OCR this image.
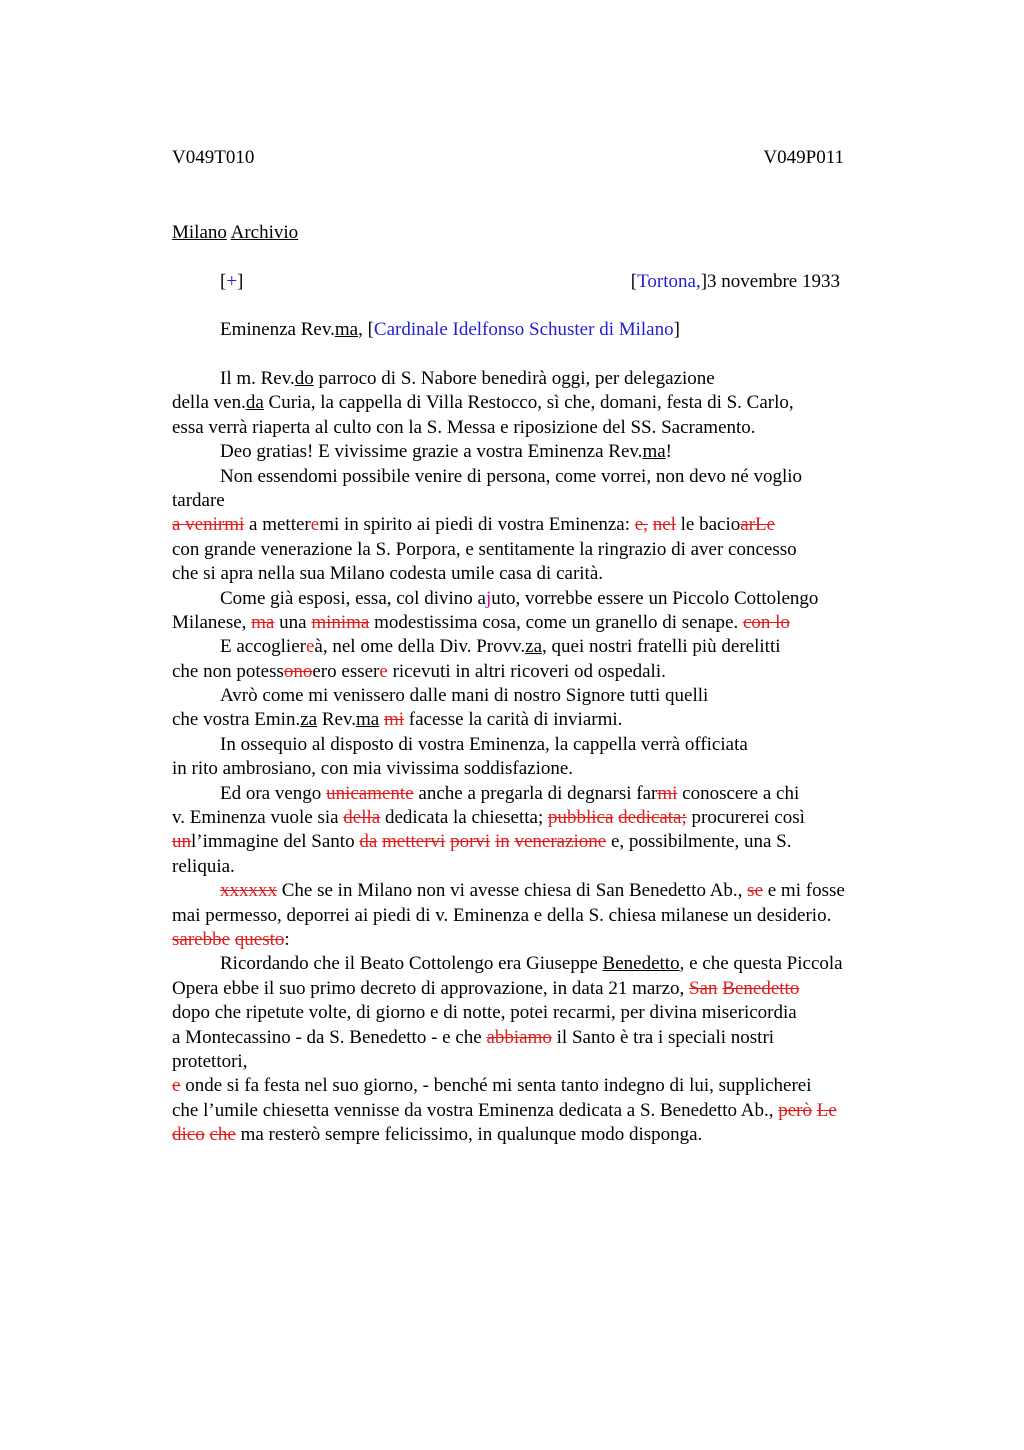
V049T010	V049P011
Milano Archivio
[+]	[Tortona,]3 novembre 1933
Eminenza Rev.ma, [Cardinale Idelfonso Schuster di Milano]
Il m. Rev.do parroco di S. Nabore benedirà oggi, per delegazione
della ven.da Curia, la cappella di Villa Restocco, sì che, domani, festa di S. Carlo,
essa verrà riaperta al culto con la S. Messa e riposizione del SS. Sacramento.
Deo gratias! E vivissime grazie a vostra Eminenza Rev.ma!
Non essendomi possibile venire di persona, come vorrei, non devo né voglio
tardare
a venirmi a metteremi in spirito ai piedi di vostra Eminenza: e, nel le bacioarLe
con grande venerazione la S. Porpora, e sentitamente la ringrazio di aver concesso
che si apra nella sua Milano codesta umile casa di carità.
Come già esposi, essa, col divino ajuto, vorrebbe essere un Piccolo Cottolengo
Milanese, ma una minima modestissima cosa, come un granello di senape. con lo
E accogliereà, nel ome della Div. Provv.za, quei nostri fratelli più derelitti
che non potessonoero essere ricevuti in altri ricoveri od ospedali.
Avrò come mi venissero dalle mani di nostro Signore tutti quelli
che vostra Emin.za Rev.ma mi facesse la carità di inviarmi.
In ossequio al disposto di vostra Eminenza, la cappella verrà officiata
in rito ambrosiano, con mia vivissima soddisfazione.
Ed ora vengo unicamente anche a pregarla di degnarsi farmi conoscere a chi
v. Eminenza vuole sia della dedicata la chiesetta; pubblica dedicata; procurerei così
unl’immagine del Santo da mettervi porvi in venerazione e, possibilmente, una S.
reliquia.
xxxxxx Che se in Milano non vi avesse chiesa di San Benedetto Ab., se e mi fosse
mai permesso, deporrei ai piedi di v. Eminenza e della S. chiesa milanese un desiderio.
sarebbe questo:
Ricordando che il Beato Cottolengo era Giuseppe Benedetto, e che questa Piccola
Opera ebbe il suo primo decreto di approvazione, in data 21 marzo, San Benedetto
dopo che ripetute volte, di giorno e di notte, potei recarmi, per divina misericordia
a Montecassino - da S. Benedetto - e che abbiamo il Santo è tra i speciali nostri
protettori,
e onde si fa festa nel suo giorno, - benché mi senta tanto indegno di lui, supplicherei
che l’umile chiesetta vennisse da vostra Eminenza dedicata a S. Benedetto Ab., però Le
dico che ma resterò sempre felicissimo, in qualunque modo disponga.
